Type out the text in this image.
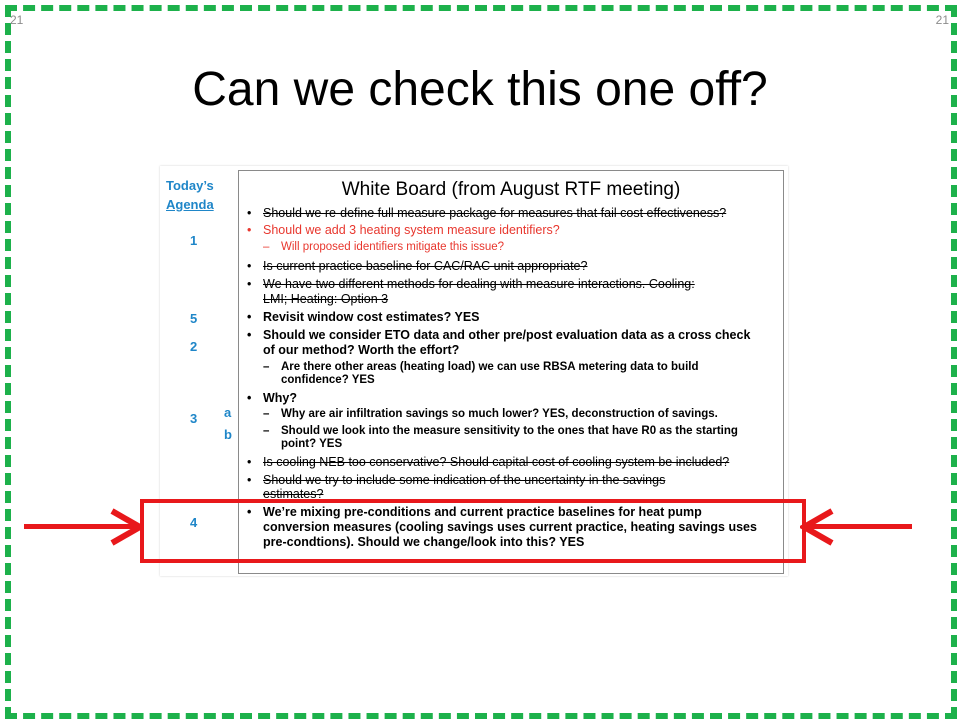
21	21
Can we check this one off?
Today’s
Agenda
1
5
2
3 a
b
4
White Board (from August RTF meeting)
• Should we re-define full measure package for measures that fail cost effectiveness?
• Should we add 3 heating system measure identifiers?
– Will proposed identifiers mitigate this issue?
• Is current practice baseline for CAC/RAC unit appropriate?
• We have two different methods for dealing with measure interactions. Cooling:
LMI; Heating: Option 3
• Revisit window cost estimates? YES
• Should we consider ETO data and other pre/post evaluation data as a cross check
of our method? Worth the effort?
– Are there other areas (heating load) we can use RBSA metering data to build
confidence? YES
• Why?
– Why are air infiltration savings so much lower? YES, deconstruction of savings.
– Should we look into the measure sensitivity to the ones that have R0 as the starting
point? YES
• Is cooling NEB too conservative? Should capital cost of cooling system be included?
• Should we try to include some indication of the uncertainty in the savings
estimates?
• We’re mixing pre-conditions and current practice baselines for heat pump
conversion measures (cooling savings uses current practice, heating savings uses
pre-condtions). Should we change/look into this? YES
